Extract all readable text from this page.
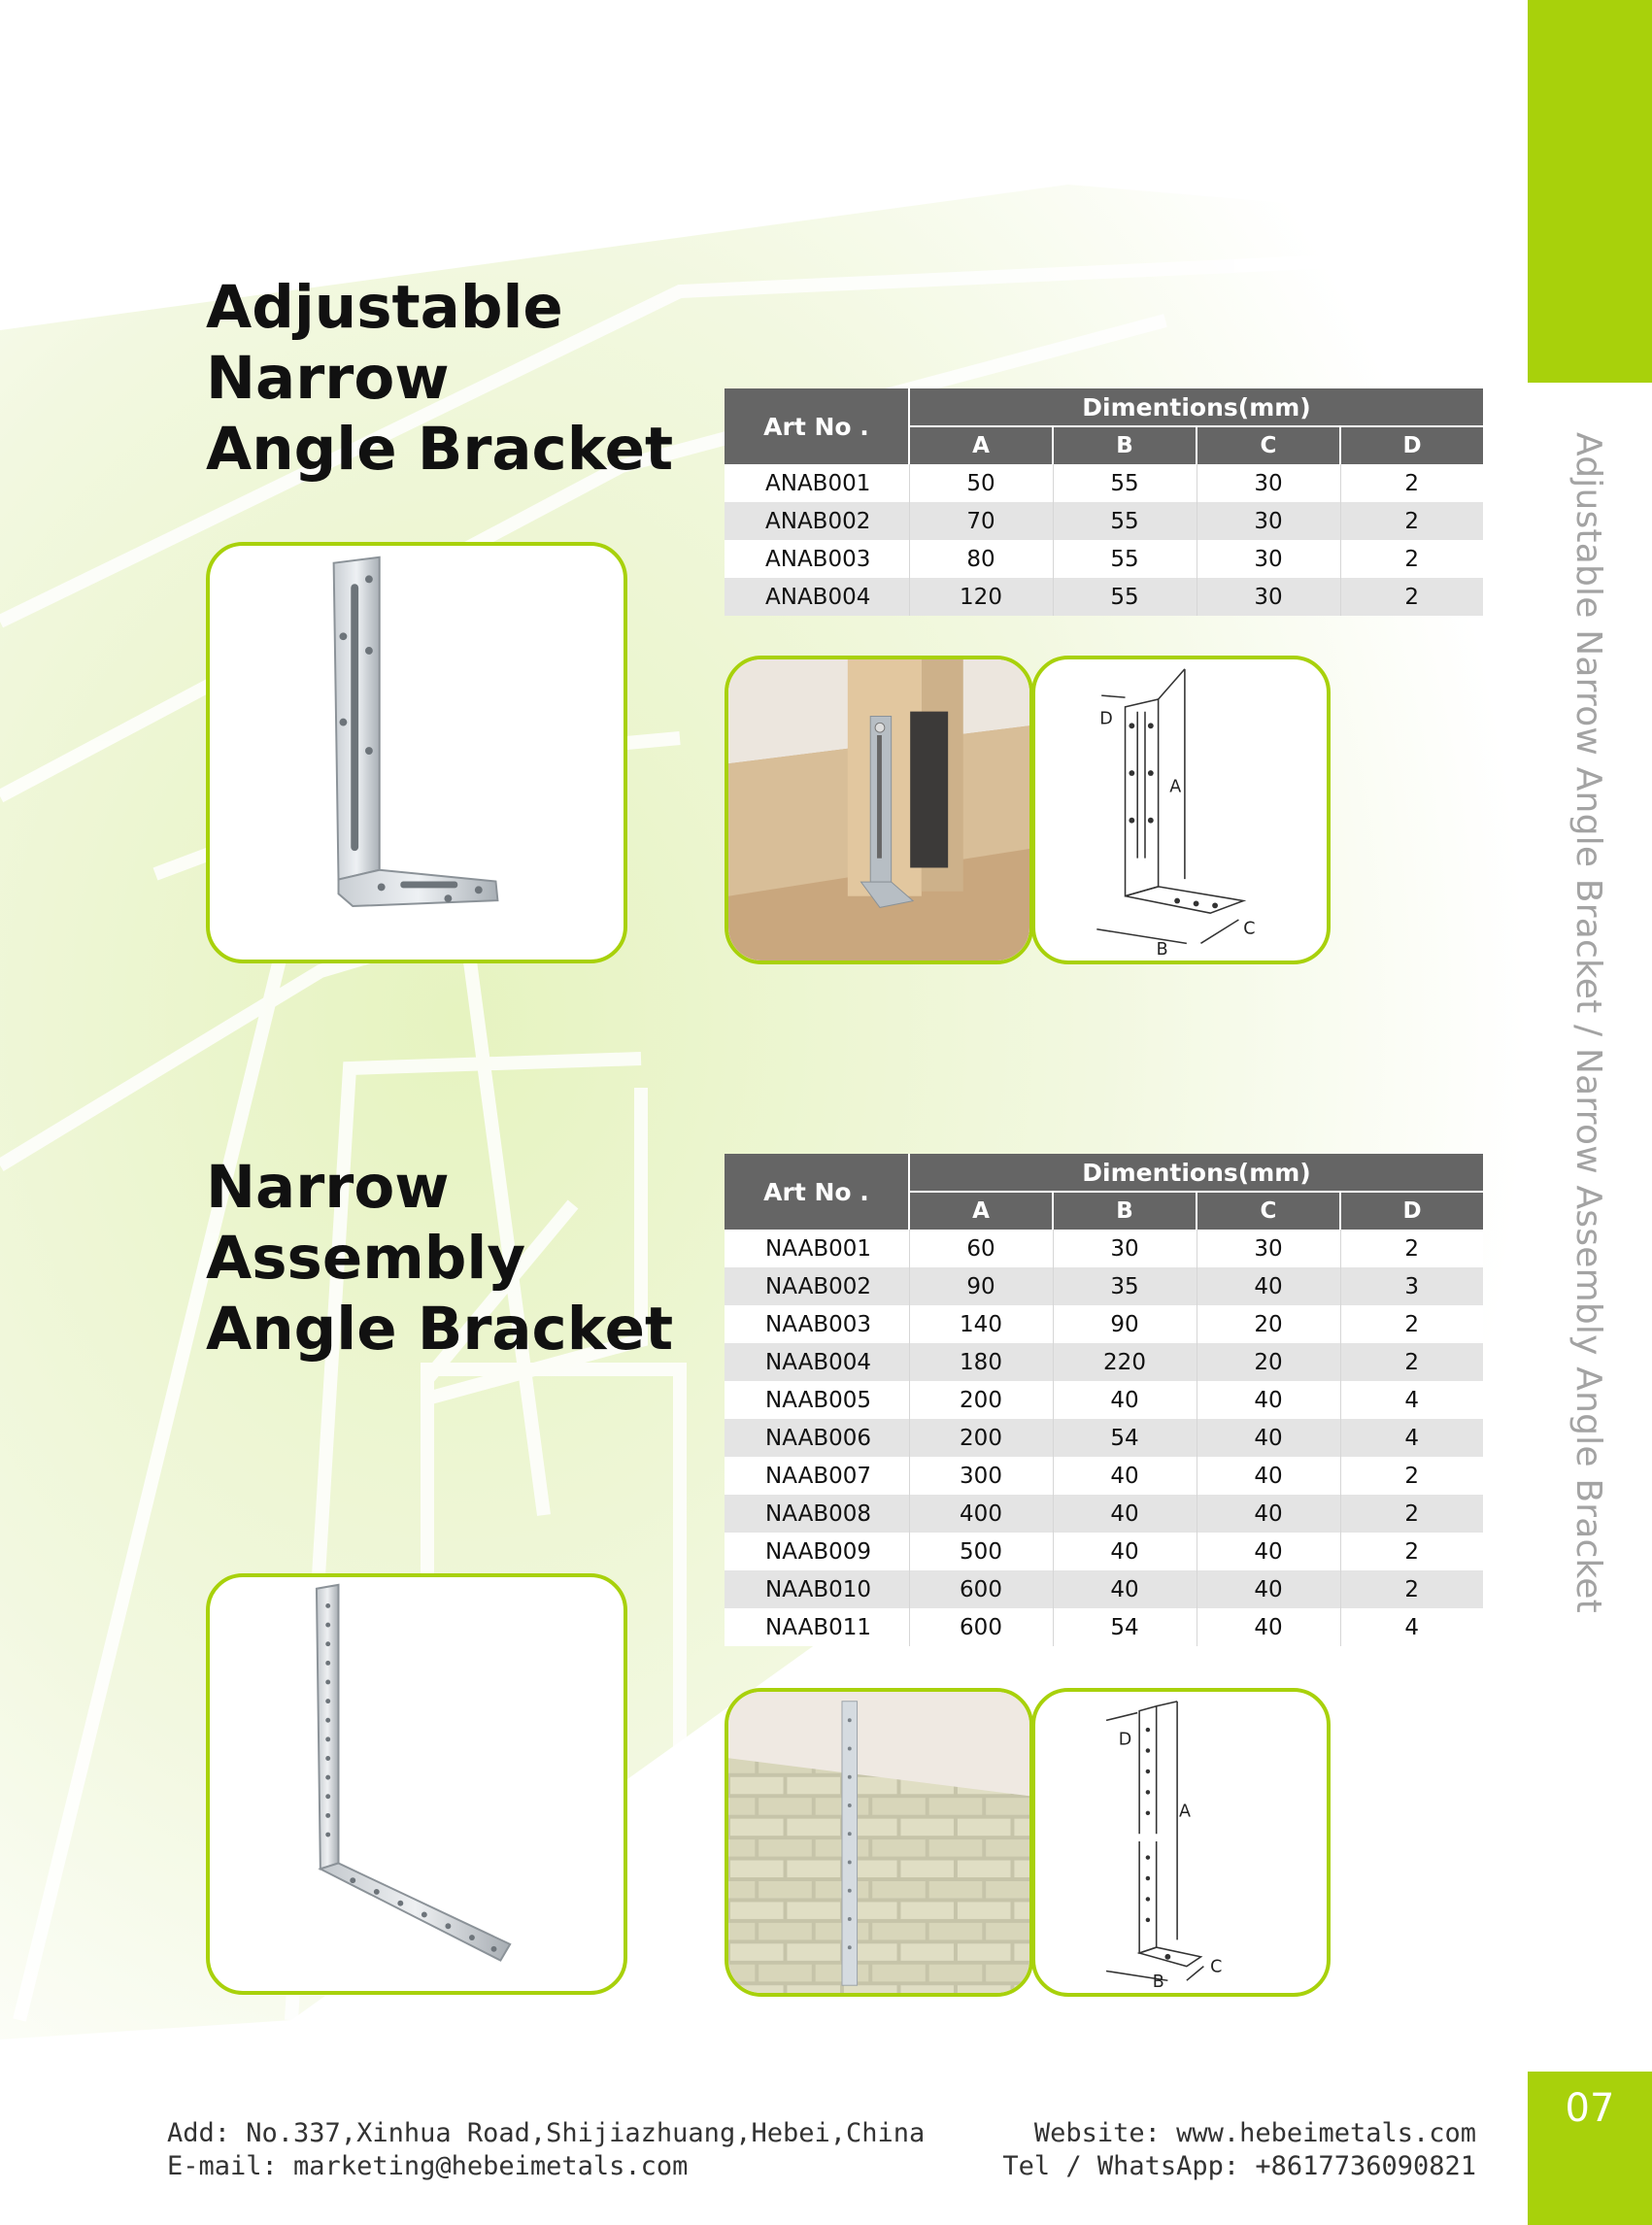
07
Adjustable Narrow Angle Bracket / Narrow Assembly Angle Bracket
Adjustable
Narrow
Angle Bracket	Art No .	Dimentions(mm)			
	A	B	C	D
ANAB001	50	55	30	2
ANAB002	70	55	30	2
ANAB003	80	55	30	2
ANAB004	120	55	30	2
A
B
C
D
Narrow
Assembly
Angle Bracket
Art No .	Dimentions(mm)			
	A	B	C	D
NAAB001	60	30	30	2
NAAB002	90	35	40	3
NAAB003	140	90	20	2
NAAB004	180	220	20	2
NAAB005	200	40	40	4
NAAB006	200	54	40	4
NAAB007	300	40	40	2
NAAB008	400	40	40	2
NAAB009	500	40	40	2
NAAB010	600	40	40	2
NAAB011	600	54	40	4
A
B
C
D
Add: No.337,Xinhua Road,Shijiazhuang,Hebei,China
E-mail: marketing@hebeimetals.com
Website: www.hebeimetals.com
Tel / WhatsApp: +8617736090821
